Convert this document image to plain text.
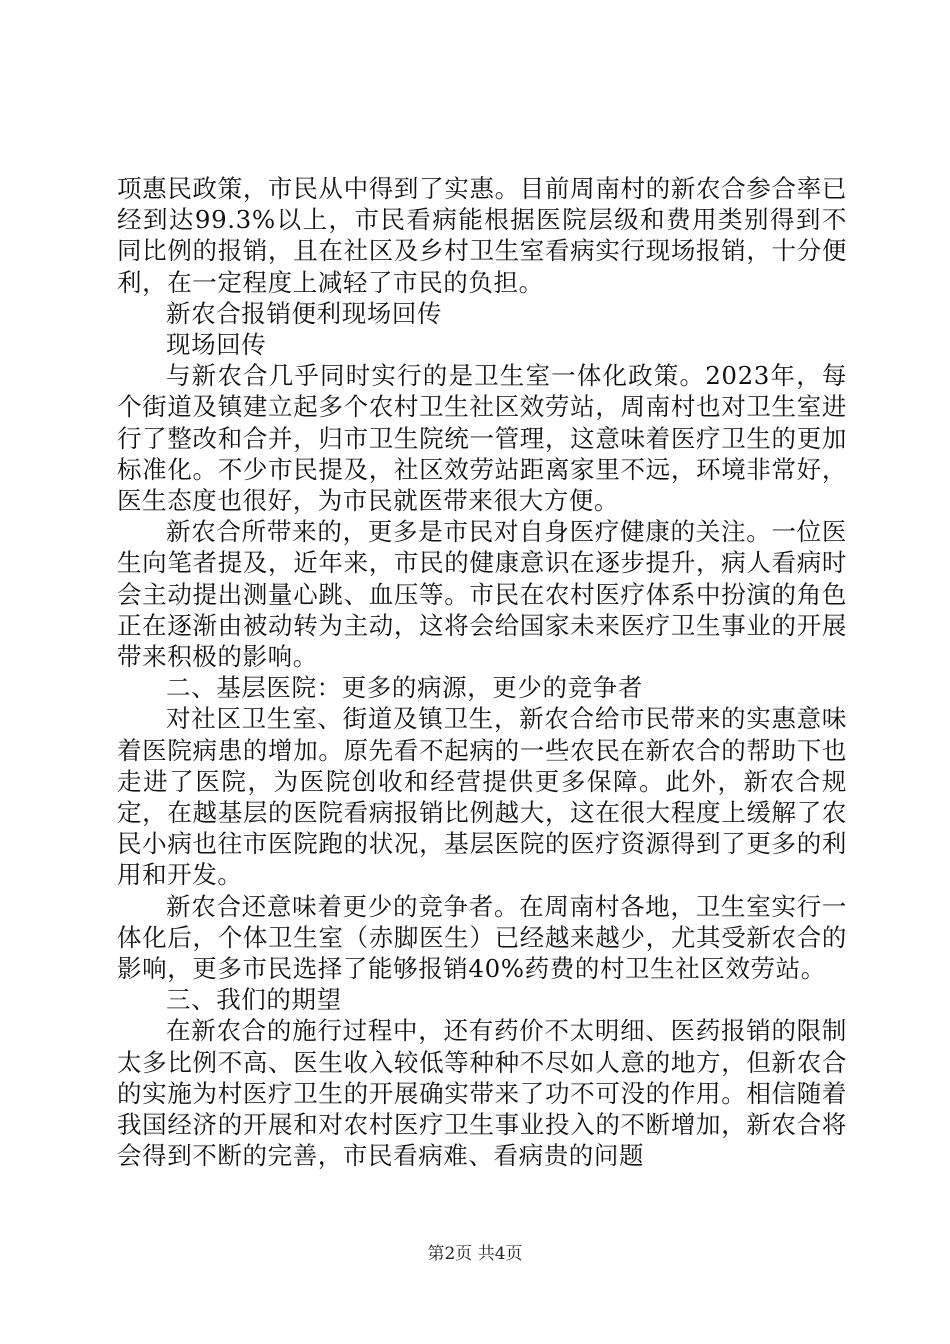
项惠民政策，市民从中得到了实惠。目前周南村的新农合参合率已经到达99.3%以上，市民看病能根据医院层级和费用类别得到不同比例的报销，且在社区及乡村卫生室看病实行现场报销，十分便利，在一定程度上减轻了市民的负担。

新农合报销便利现场回传

现场回传

与新农合几乎同时实行的是卫生室一体化政策。2023年，每个街道及镇建立起多个农村卫生社区效劳站，周南村也对卫生室进行了整改和合并，归市卫生院统一管理，这意味着医疗卫生的更加标准化。不少市民提及，社区效劳站距离家里不远，环境非常好，医生态度也很好，为市民就医带来很大方便。

新农合所带来的，更多是市民对自身医疗健康的关注。一位医生向笔者提及，近年来，市民的健康意识在逐步提升，病人看病时会主动提出测量心跳、血压等。市民在农村医疗体系中扮演的角色正在逐渐由被动转为主动，这将会给国家未来医疗卫生事业的开展带来积极的影响。

二、基层医院：更多的病源，更少的竞争者

对社区卫生室、街道及镇卫生，新农合给市民带来的实惠意味着医院病患的增加。原先看不起病的一些农民在新农合的帮助下也走进了医院，为医院创收和经营提供更多保障。此外，新农合规定，在越基层的医院看病报销比例越大，这在很大程度上缓解了农民小病也往市医院跑的状况，基层医院的医疗资源得到了更多的利用和开发。

新农合还意味着更少的竞争者。在周南村各地，卫生室实行一体化后，个体卫生室（赤脚医生）已经越来越少，尤其受新农合的影响，更多市民选择了能够报销40%药费的村卫生社区效劳站。

三、我们的期望

在新农合的施行过程中，还有药价不太明细、医药报销的限制太多比例不高、医生收入较低等种种不尽如人意的地方，但新农合的实施为村医疗卫生的开展确实带来了功不可没的作用。相信随着我国经济的开展和对农村医疗卫生事业投入的不断增加，新农合将会得到不断的完善，市民看病难、看病贵的问题

第2页 共4页
